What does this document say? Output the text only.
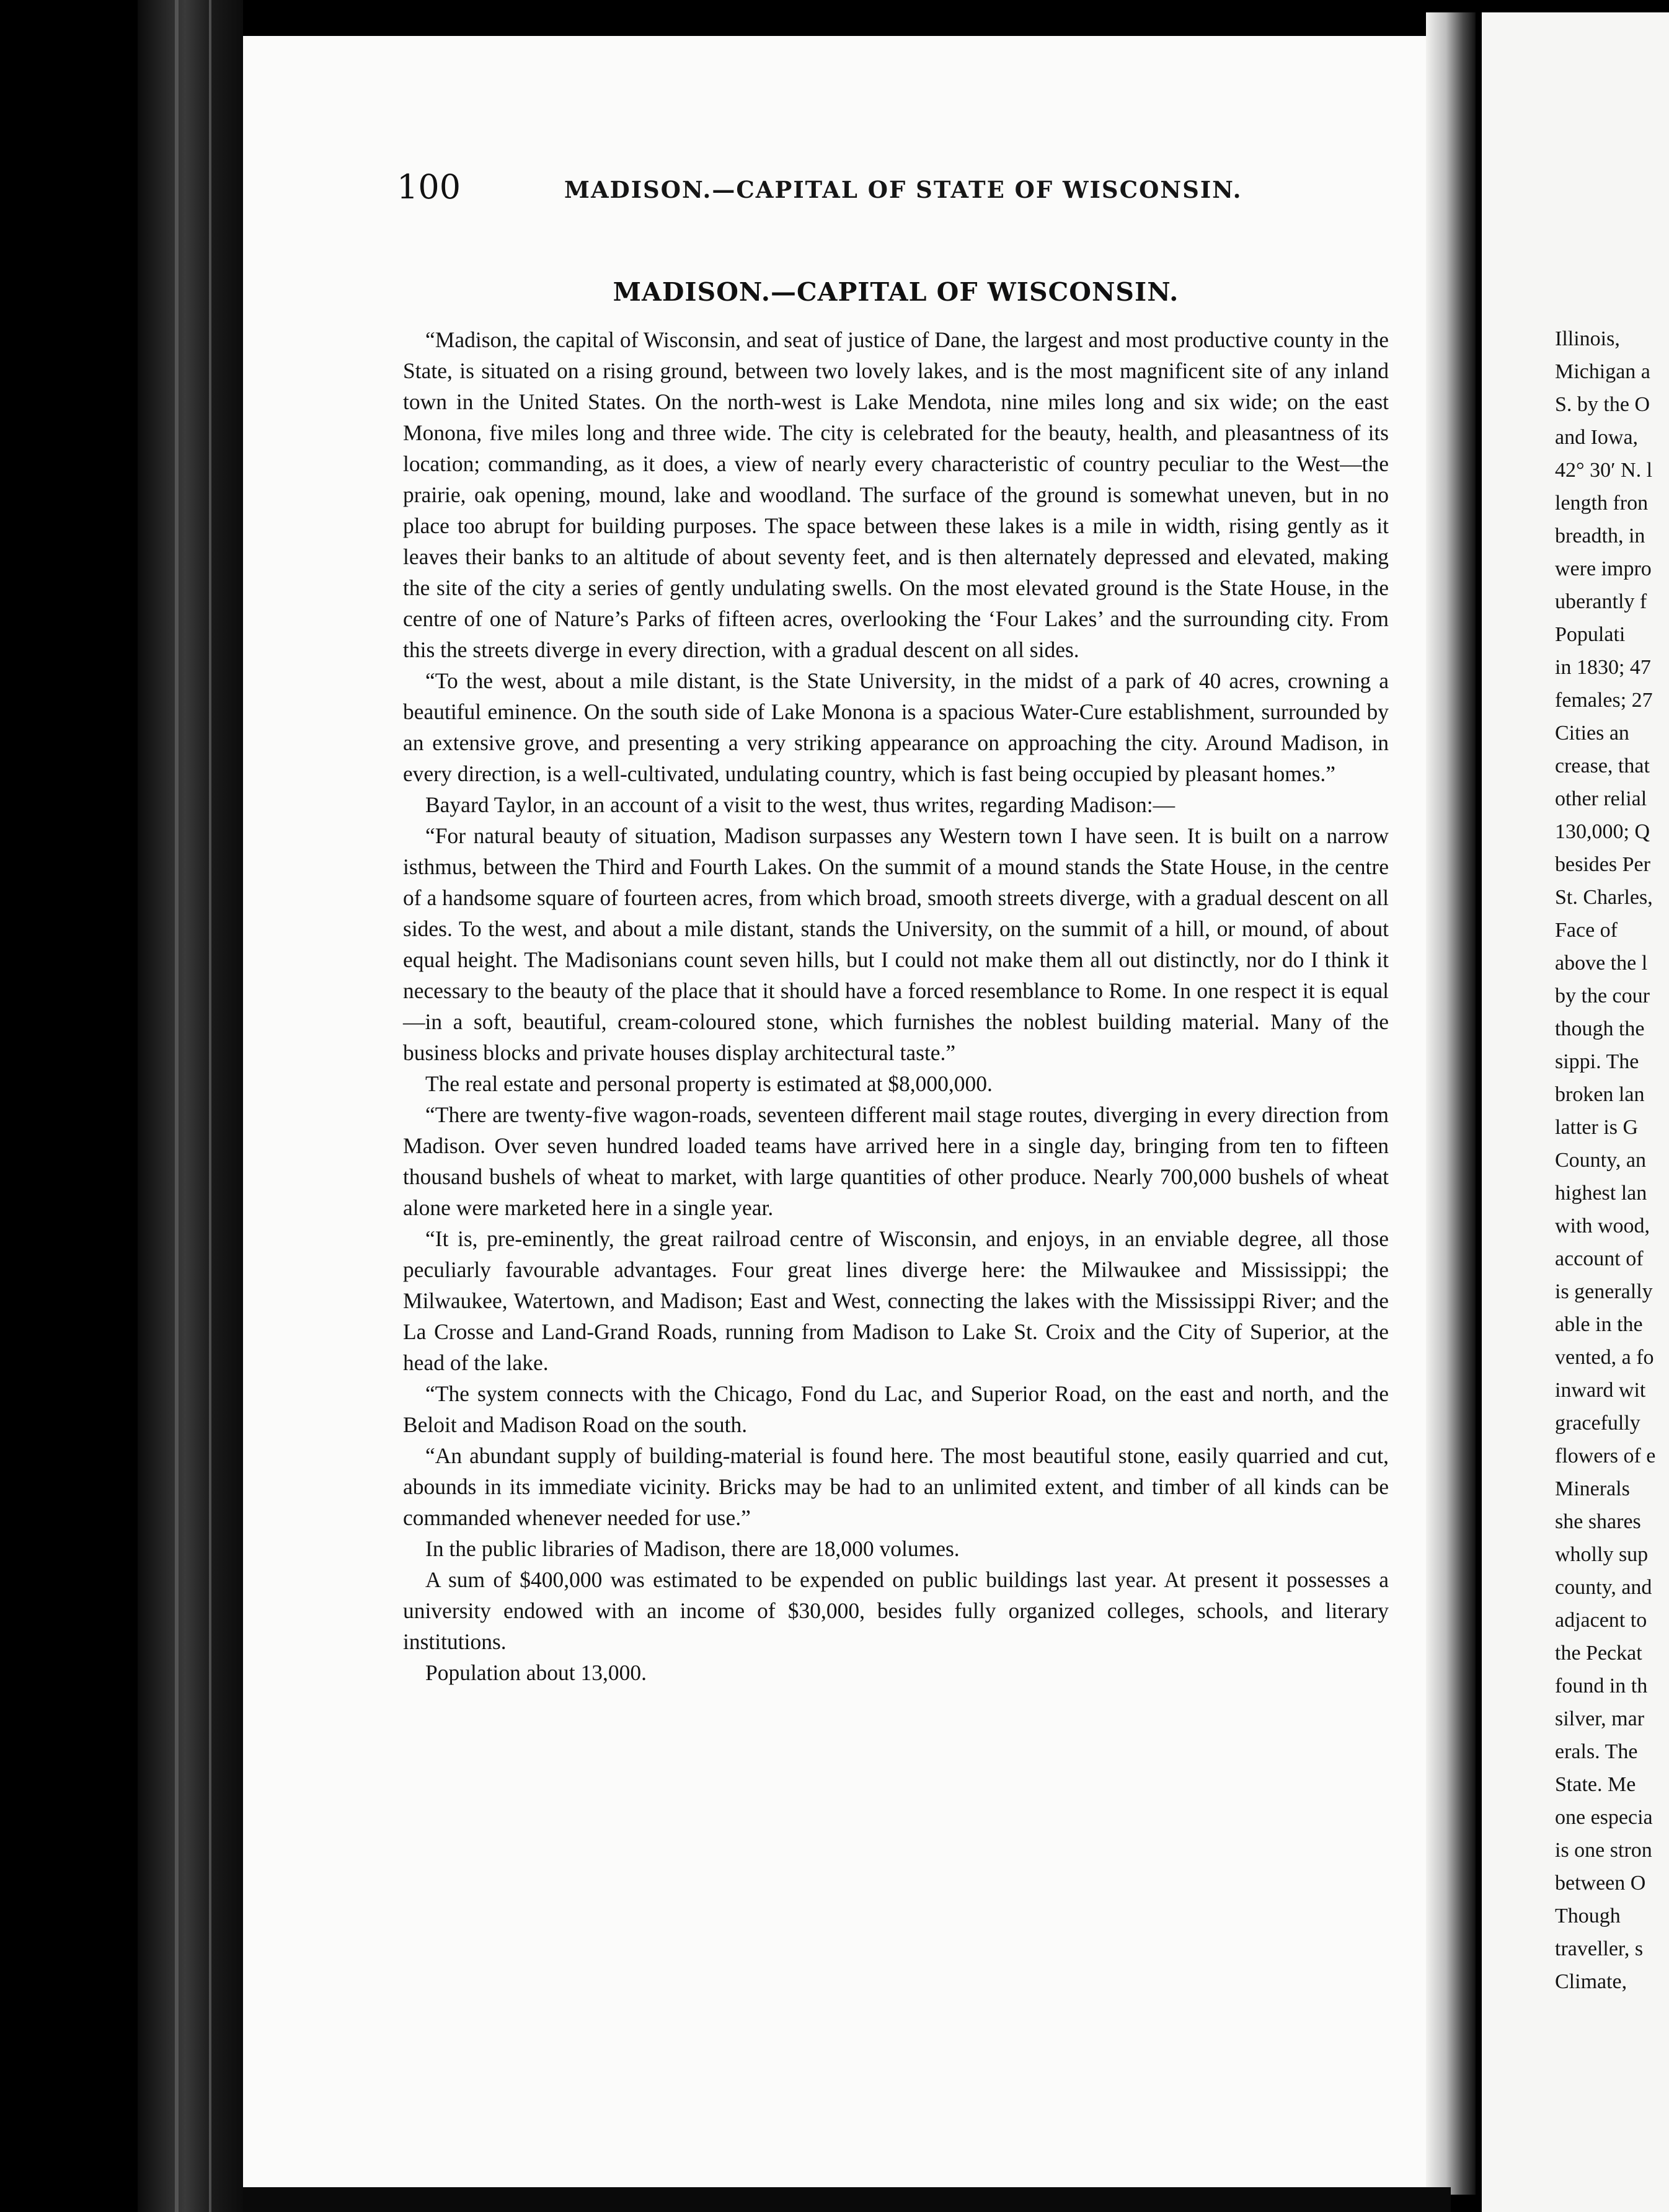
100	MADISON.—CAPITAL OF STATE OF WISCONSIN.
MADISON.—CAPITAL OF WISCONSIN.

“Madison, the capital of Wisconsin, and seat of justice of Dane, the largest and most productive county in the State, is situated on a rising ground, between two lovely lakes, and is the most magnificent site of any inland town in the United States. On the north-west is Lake Mendota, nine miles long and six wide; on the east Monona, five miles long and three wide. The city is celebrated for the beauty, health, and pleasantness of its location; commanding, as it does, a view of nearly every characteristic of country peculiar to the West—the prairie, oak opening, mound, lake and woodland. The surface of the ground is somewhat uneven, but in no place too abrupt for building purposes. The space between these lakes is a mile in width, rising gently as it leaves their banks to an altitude of about seventy feet, and is then alternately depressed and elevated, making the site of the city a series of gently undulating swells. On the most elevated ground is the State House, in the centre of one of Nature’s Parks of fifteen acres, overlooking the ‘Four Lakes’ and the surrounding city. From this the streets diverge in every direction, with a gradual descent on all sides.

“To the west, about a mile distant, is the State University, in the midst of a park of 40 acres, crowning a beautiful eminence. On the south side of Lake Monona is a spacious Water-Cure establishment, surrounded by an extensive grove, and presenting a very striking appearance on approaching the city. Around Madison, in every direction, is a well-cultivated, undulating country, which is fast being occupied by pleasant homes.”

Bayard Taylor, in an account of a visit to the west, thus writes, regarding Madison:—

“For natural beauty of situation, Madison surpasses any Western town I have seen. It is built on a narrow isthmus, between the Third and Fourth Lakes. On the summit of a mound stands the State House, in the centre of a handsome square of fourteen acres, from which broad, smooth streets diverge, with a gradual descent on all sides. To the west, and about a mile distant, stands the University, on the summit of a hill, or mound, of about equal height. The Madisonians count seven hills, but I could not make them all out distinctly, nor do I think it necessary to the beauty of the place that it should have a forced resemblance to Rome. In one respect it is equal—in a soft, beautiful, cream-coloured stone, which furnishes the noblest building material. Many of the business blocks and private houses display architectural taste.”

The real estate and personal property is estimated at $8,000,000.

“There are twenty-five wagon-roads, seventeen different mail stage routes, diverging in every direction from Madison. Over seven hundred loaded teams have arrived here in a single day, bringing from ten to fifteen thousand bushels of wheat to market, with large quantities of other produce. Nearly 700,000 bushels of wheat alone were marketed here in a single year.

“It is, pre-eminently, the great railroad centre of Wisconsin, and enjoys, in an enviable degree, all those peculiarly favourable advantages. Four great lines diverge here: the Milwaukee and Mississippi; the Milwaukee, Watertown, and Madison; East and West, connecting the lakes with the Mississippi River; and the La Crosse and Land-Grand Roads, running from Madison to Lake St. Croix and the City of Superior, at the head of the lake.

“The system connects with the Chicago, Fond du Lac, and Superior Road, on the east and north, and the Beloit and Madison Road on the south.

“An abundant supply of building-material is found here. The most beautiful stone, easily quarried and cut, abounds in its immediate vicinity. Bricks may be had to an unlimited extent, and timber of all kinds can be commanded whenever needed for use.”

In the public libraries of Madison, there are 18,000 volumes.

A sum of $400,000 was estimated to be expended on public buildings last year. At present it possesses a university endowed with an income of $30,000, besides fully organized colleges, schools, and literary institutions.

Population about 13,000.

Illinois,

Michigan a

S. by the O

and Iowa,

42° 30′ N. l

length fron

breadth, in

were impro

uberantly f

Populati

in 1830; 47

females; 27

Cities an

crease, that

other relial

130,000; Q

besides Per

St. Charles,

Face of

above the l

by the cour

though the

sippi. The

broken lan

latter is G

County, an

highest lan

with wood,

account of

is generally

able in the

vented, a fo

inward wit

gracefully

flowers of e

Minerals

she shares

wholly sup

county, and

adjacent to

the Peckat

found in th

silver, mar

erals. The

State. Me

one especia

is one stron

between O

Though

traveller, s

Climate,
